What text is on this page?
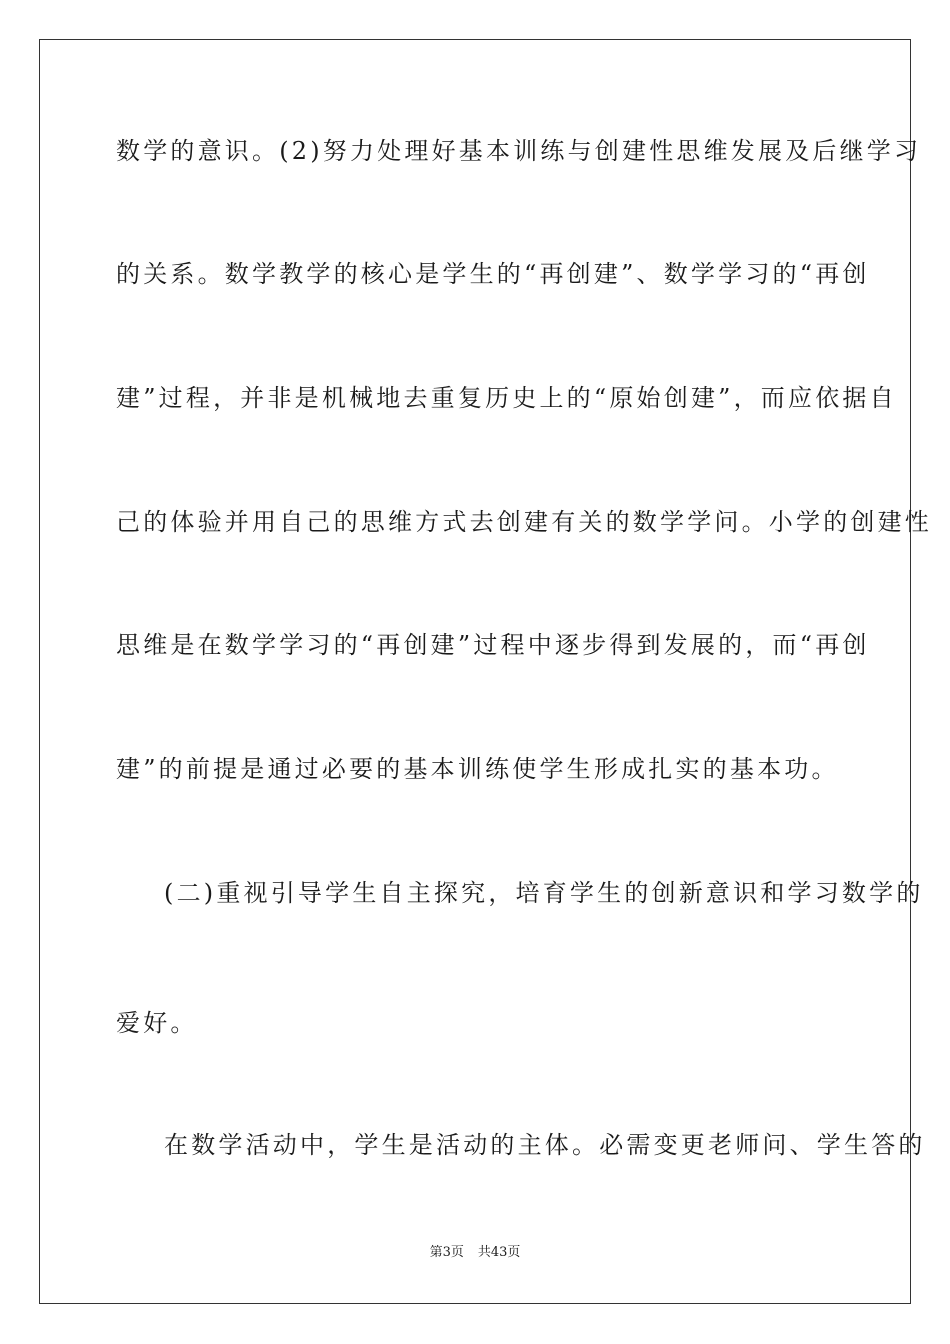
数学的意识。(2)努力处理好基本训练与创建性思维发展及后继学习
的关系。数学教学的核心是学生的“再创建”、数学学习的“再创
建”过程，并非是机械地去重复历史上的“原始创建”，而应依据自
己的体验并用自己的思维方式去创建有关的数学学问。小学的创建性
思维是在数学学习的“再创建”过程中逐步得到发展的，而“再创
建”的前提是通过必要的基本训练使学生形成扎实的基本功。
(二)重视引导学生自主探究，培育学生的创新意识和学习数学的
爱好。
在数学活动中，学生是活动的主体。必需变更老师问、学生答的
第3页 共43页
